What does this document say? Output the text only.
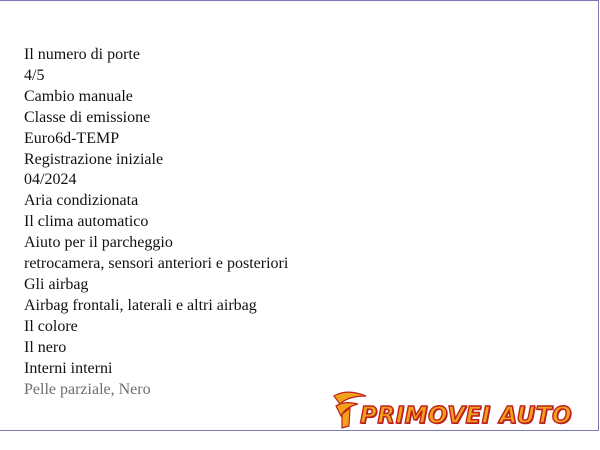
Il numero di porte

4/5

Cambio manuale

Classe di emissione

Euro6d-TEMP

Registrazione iniziale

04/2024

Aria condizionata

Il clima automatico

Aiuto per il parcheggio

retrocamera, sensori anteriori e posteriori

Gli airbag

Airbag frontali, laterali e altri airbag

Il colore

Il nero

Interni interni

Pelle parziale, Nero

PRIMOVEI AUTO
